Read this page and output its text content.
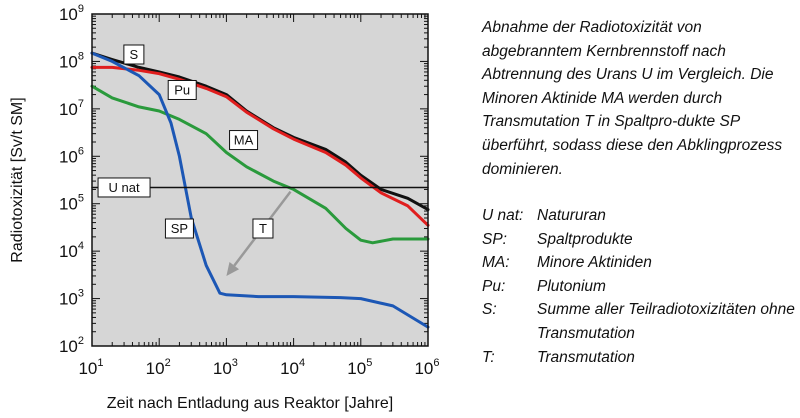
S
Pu
MA
U nat
SP	T
$10^1$ $10^2$ $10^3$ $10^4$ $10^5$ $10^6$
$10^2$
$10^3$
$10^4$
$10^5$
$10^6$
$10^7$
$10^8$
$10^9$
Radiotoxizität [Sv/t SM]
Zeit nach Entladung aus Reaktor [Jahre]

Abnahme der Radiotoxizität von abgebranntem Kernbrennstoff nach Abtrennung des Urans U im Vergleich. Die Minoren Aktinide MA werden durch Transmutation T in Spaltpro-dukte SP überführt, sodass diese den Abklingprozess dominieren.

U nat: Natururan
SP:	Spaltprodukte
MA:	Minore Aktiniden
Pu:	Plutonium
S:	Summe aller Teilradiotoxizitäten ohne Transmutation
T:	Transmutation
